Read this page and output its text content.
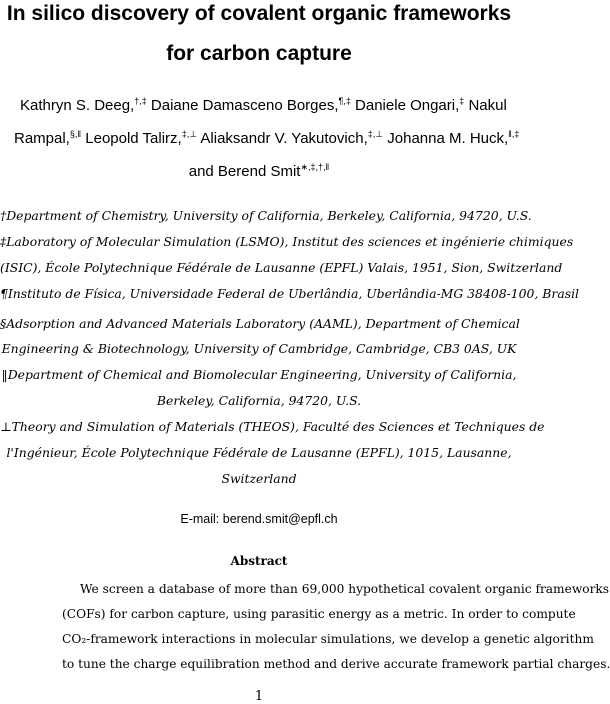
In silico discovery of covalent organic frameworks
for carbon capture
Kathryn S. Deeg,†,‡ Daiane Damasceno Borges,¶,‡ Daniele Ongari,‡ Nakul
Rampal,§,‖ Leopold Talirz,‡,⊥ Aliaksandr V. Yakutovich,‡,⊥ Johanna M. Huck,‖,‡
and Berend Smit∗,‡,†,‖
†Department of Chemistry, University of California, Berkeley, California, 94720, U.S.
‡Laboratory of Molecular Simulation (LSMO), Institut des sciences et ingénierie chimiques
(ISIC), École Polytechnique Fédérale de Lausanne (EPFL) Valais, 1951, Sion, Switzerland
¶Instituto de Física, Universidade Federal de Uberlândia, Uberlândia-MG 38408-100, Brasil
§Adsorption and Advanced Materials Laboratory (AAML), Department of Chemical
Engineering & Biotechnology, University of Cambridge, Cambridge, CB3 0AS, UK
‖Department of Chemical and Biomolecular Engineering, University of California,
Berkeley, California, 94720, U.S.
⊥Theory and Simulation of Materials (THEOS), Faculté des Sciences et Techniques de
l'Ingénieur, École Polytechnique Fédérale de Lausanne (EPFL), 1015, Lausanne,
Switzerland
E-mail: berend.smit@epfl.ch
Abstract
We screen a database of more than 69,000 hypothetical covalent organic frameworks
(COFs) for carbon capture, using parasitic energy as a metric. In order to compute
CO₂-framework interactions in molecular simulations, we develop a genetic algorithm
to tune the charge equilibration method and derive accurate framework partial charges.
1
